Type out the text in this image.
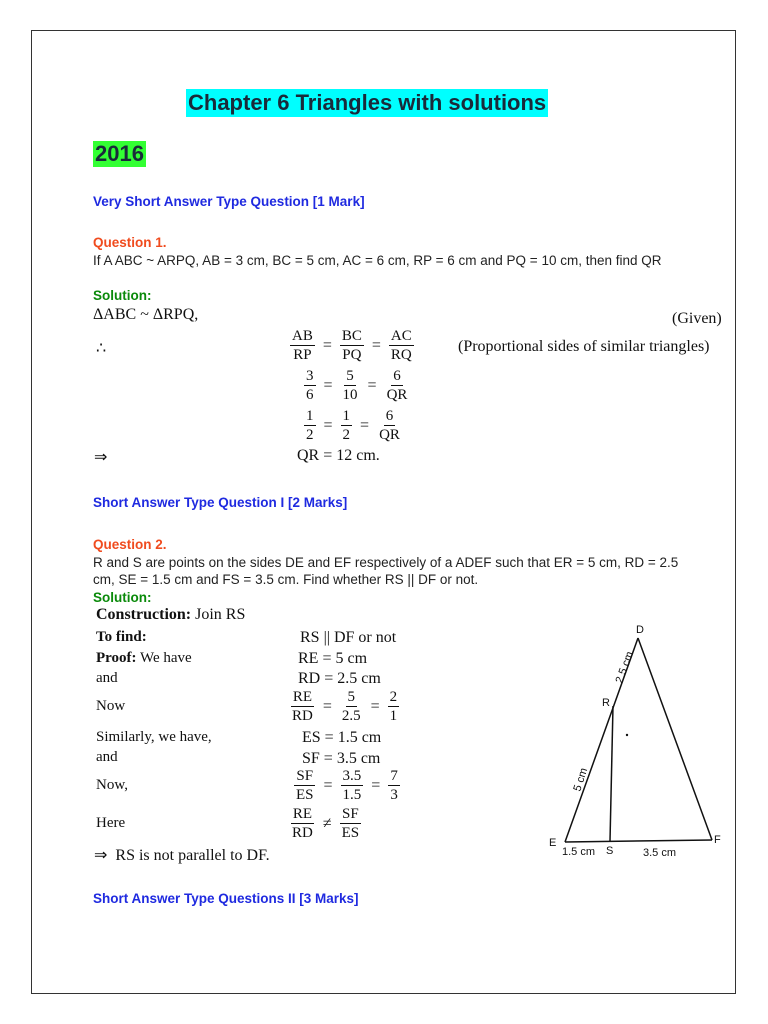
Chapter 6 Triangles with solutions
2016
Very Short Answer Type Question [1 Mark]
Question 1.
If A ABC ~ ARPQ, AB = 3 cm, BC = 5 cm, AC = 6 cm, RP = 6 cm and PQ = 10 cm, then find QR
Solution:
ΔABC ~ ΔRPQ,	(Given)
∴	$\frac{AB}{RP} = \frac{BC}{PQ} = \frac{AC}{RQ}$	(Proportional sides of similar triangles)
$\frac{3}{6} = \frac{5}{10} = \frac{6}{QR}$
$\frac{1}{2} = \frac{1}{2} = \frac{6}{QR}$
⇒	QR = 12 cm.
Short Answer Type Question I [2 Marks]
Question 2.
R and S are points on the sides DE and EF respectively of a ADEF such that ER = 5 cm, RD = 2.5 cm, SE = 1.5 cm and FS = 3.5 cm. Find whether RS || DF or not.
Solution:
Construction: Join RS
To find:	RS || DF or not
Proof: We have	RE = 5 cm
and	RD = 2.5 cm
Now	$\frac{RE}{RD} = \frac{5}{2.5} = \frac{2}{1}$
Similarly, we have,	ES = 1.5 cm
and	SF = 3.5 cm
Now,	$\frac{SF}{ES} = \frac{3.5}{1.5} = \frac{7}{3}$
Here	$\frac{RE}{RD} \ne \frac{SF}{ES}$
⇒ RS is not parallel to DF.
D
R
E
S
F
2.5 cm
5 cm
1.5 cm	3.5 cm
Short Answer Type Questions II [3 Marks]
